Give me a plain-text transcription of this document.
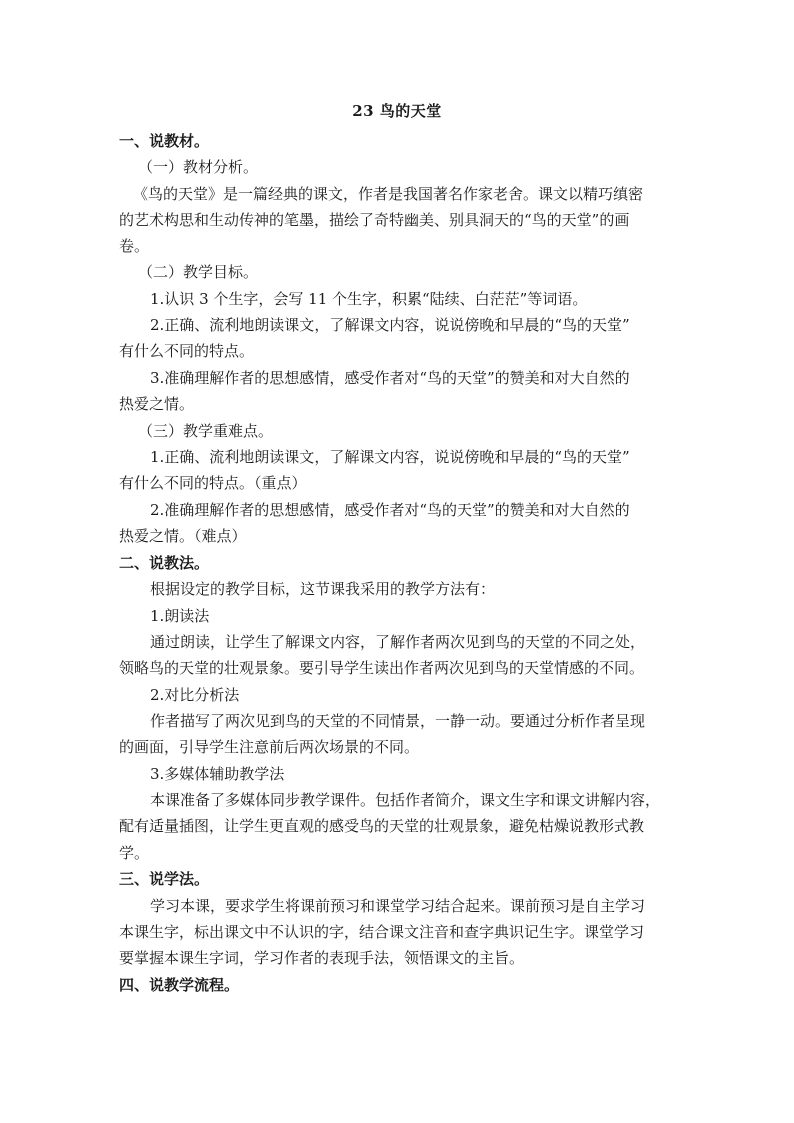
23 鸟的天堂
一、说教材。
（一）教材分析。
《鸟的天堂》是一篇经典的课文，作者是我国著名作家老舍。课文以精巧缜密
的艺术构思和生动传神的笔墨，描绘了奇特幽美、别具洞天的“鸟的天堂”的画
卷。
（二）教学目标。
1.认识 3 个生字，会写 11 个生字，积累“陆续、白茫茫”等词语。
2.正确、流利地朗读课文，了解课文内容，说说傍晚和早晨的“鸟的天堂”
有什么不同的特点。
3.准确理解作者的思想感情，感受作者对“鸟的天堂”的赞美和对大自然的
热爱之情。
（三）教学重难点。
1.正确、流利地朗读课文，了解课文内容，说说傍晚和早晨的“鸟的天堂”
有什么不同的特点。（重点）
2.准确理解作者的思想感情，感受作者对“鸟的天堂”的赞美和对大自然的
热爱之情。（难点）
二、说教法。
根据设定的教学目标，这节课我采用的教学方法有：
1.朗读法
通过朗读，让学生了解课文内容，了解作者两次见到鸟的天堂的不同之处，
领略鸟的天堂的壮观景象。要引导学生读出作者两次见到鸟的天堂情感的不同。
2.对比分析法
作者描写了两次见到鸟的天堂的不同情景，一静一动。要通过分析作者呈现
的画面，引导学生注意前后两次场景的不同。
3.多媒体辅助教学法
本课准备了多媒体同步教学课件。包括作者简介，课文生字和课文讲解内容，
配有适量插图，让学生更直观的感受鸟的天堂的壮观景象，避免枯燥说教形式教
学。
三、说学法。
学习本课，要求学生将课前预习和课堂学习结合起来。课前预习是自主学习
本课生字，标出课文中不认识的字，结合课文注音和查字典识记生字。课堂学习
要掌握本课生字词，学习作者的表现手法，领悟课文的主旨。
四、说教学流程。
